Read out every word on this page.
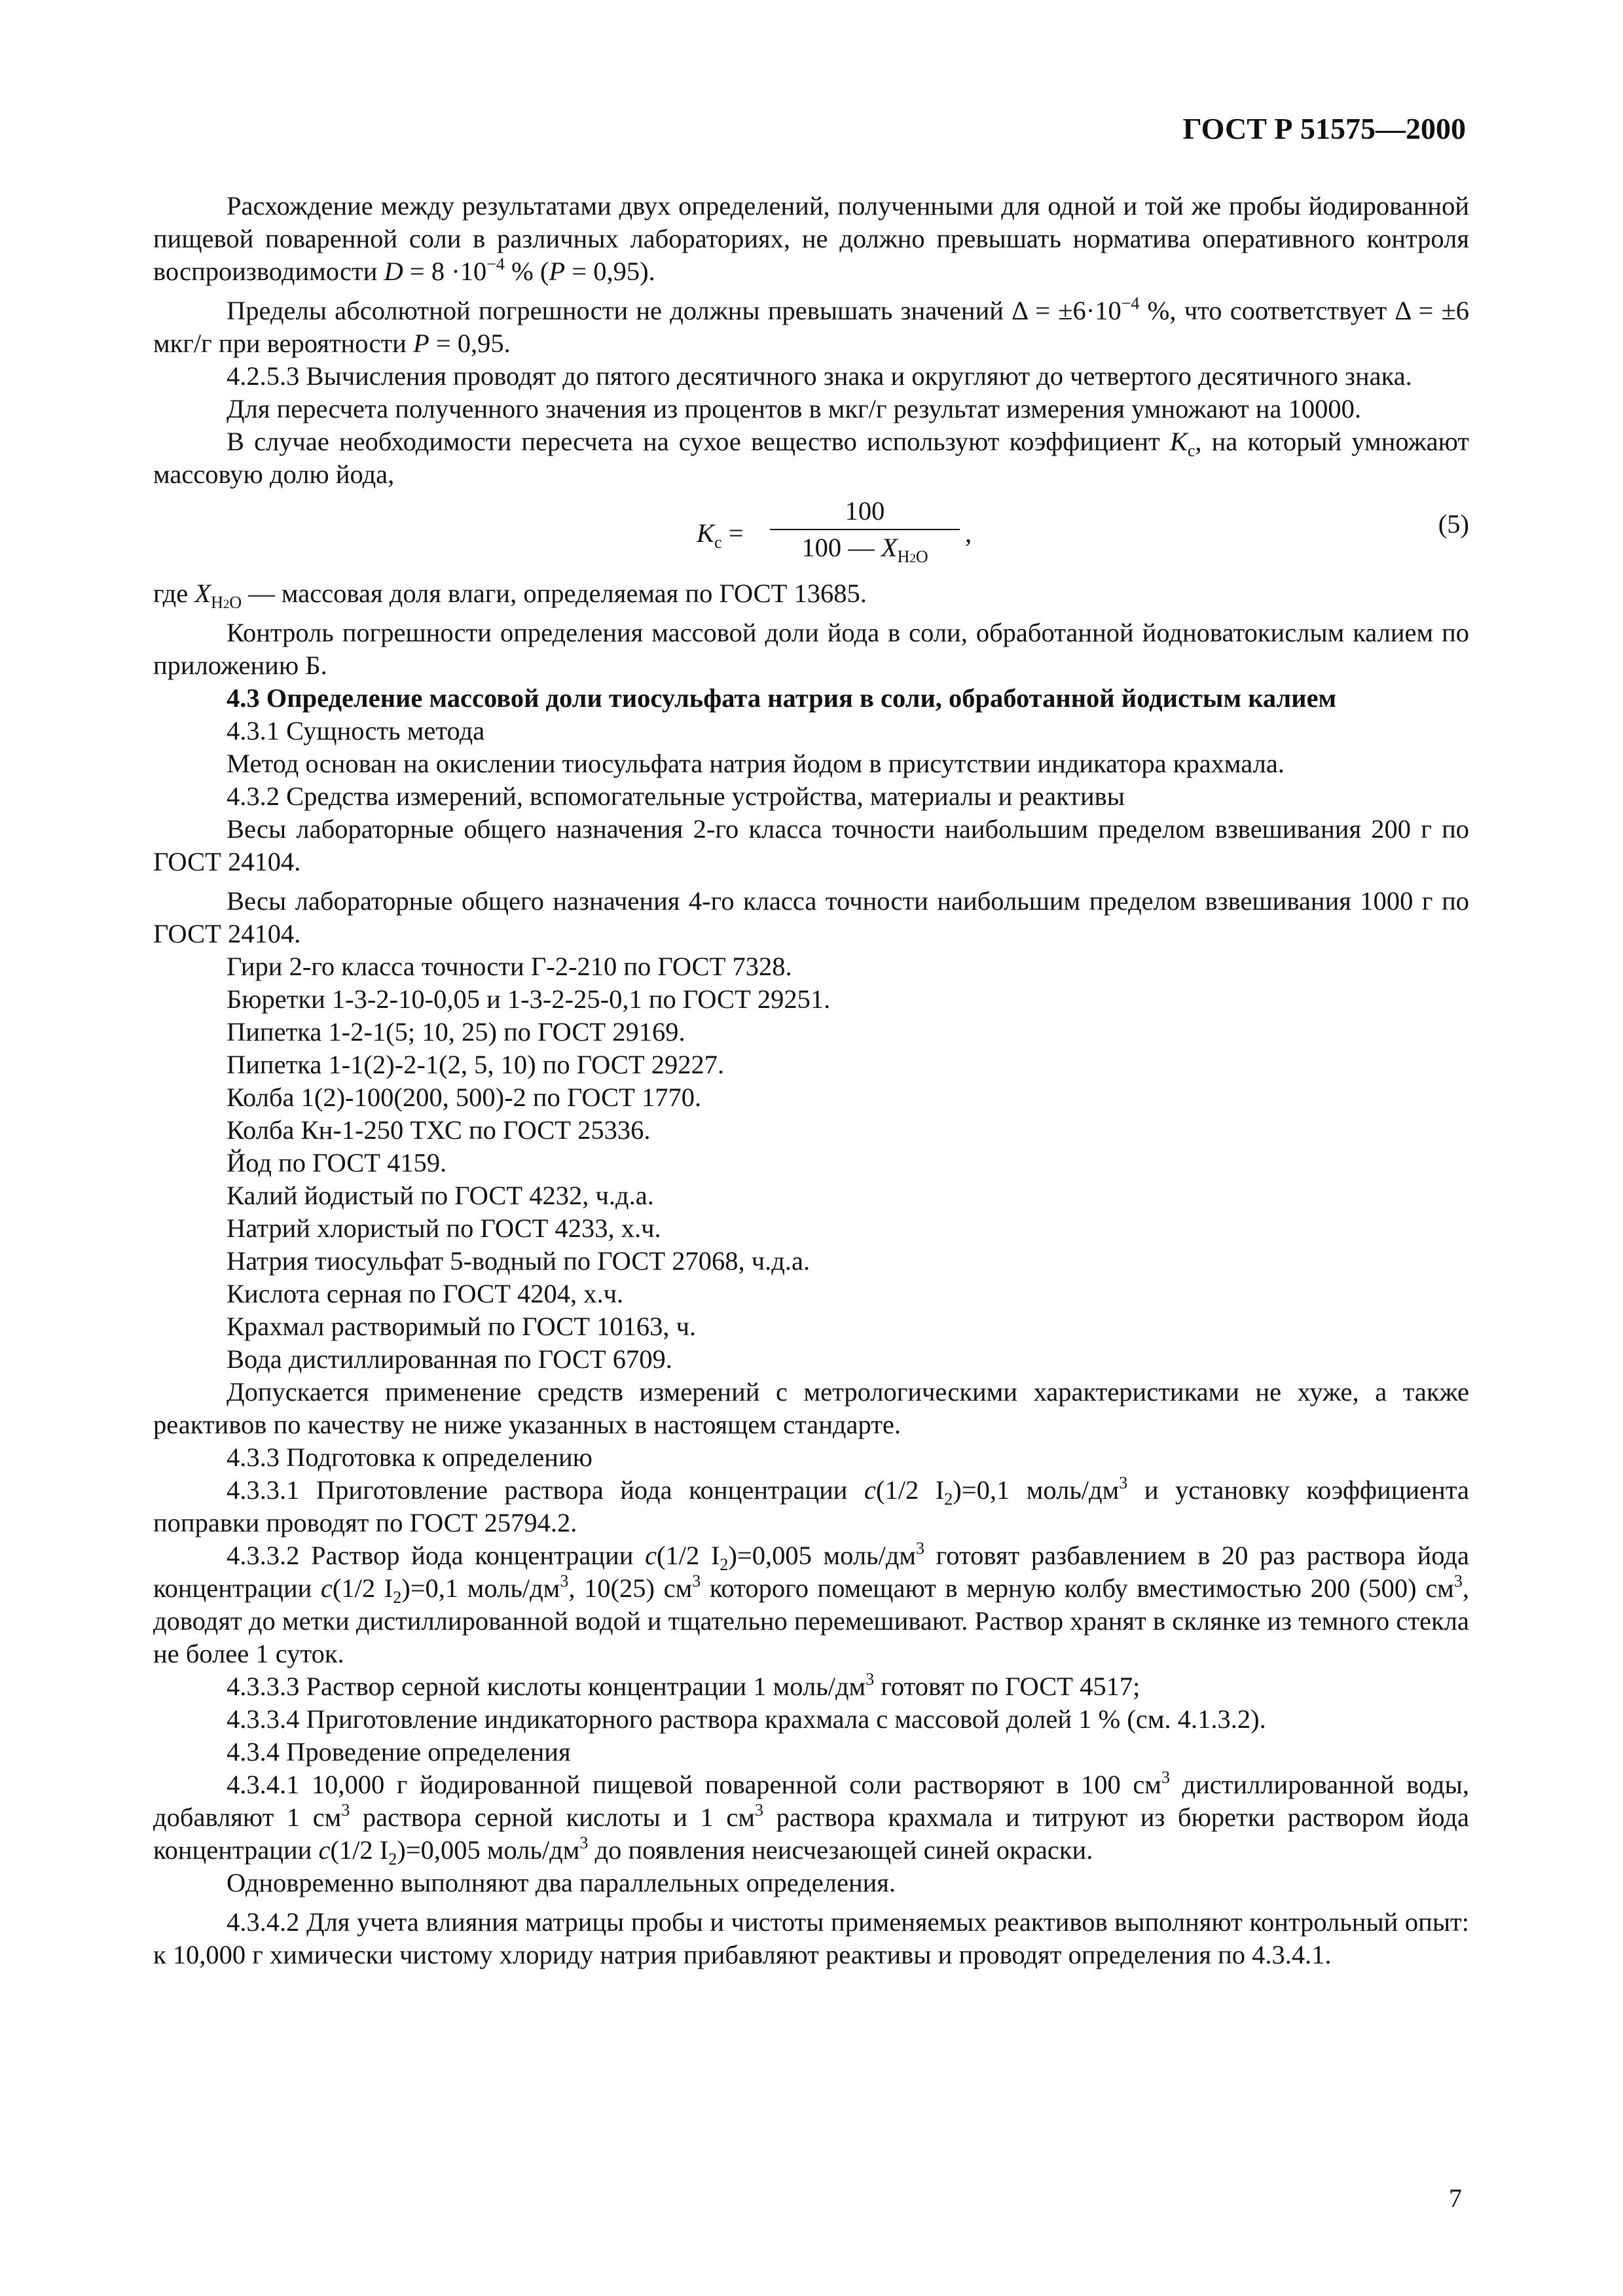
ГОСТ Р 51575—2000

Расхождение между результатами двух определений, полученными для одной и той же пробы йодированной пищевой поваренной соли в различных лабораториях, не должно превышать норматива оперативного контроля воспроизводимости $D = 8 \cdot 10^{-4}$ % (P = 0,95).

Пределы абсолютной погрешности не должны превышать значений $\Delta = \pm 6\cdot 10^{-4}$ %, что соответствует Δ = ±6 мкг/г при вероятности P = 0,95.

4.2.5.3 Вычисления проводят до пятого десятичного знака и округляют до четвертого десятичного знака.

Для пересчета полученного значения из процентов в мкг/г результат измерения умножают на 10000.

В случае необходимости пересчета на сухое вещество используют коэффициент $K_c$, на который умножают массовую долю йода,

$K_c$ =
100
100 — $X_{H2O}$
,	(5)

где $X_{H2O}$ — массовая доля влаги, определяемая по ГОСТ 13685.

Контроль погрешности определения массовой доли йода в соли, обработанной йодноватокислым калием по приложению Б.

4.3 Определение массовой доли тиосульфата натрия в соли, обработанной йодистым калием

4.3.1 Сущность метода

Метод основан на окислении тиосульфата натрия йодом в присутствии индикатора крахмала.

4.3.2 Средства измерений, вспомогательные устройства, материалы и реактивы

Весы лабораторные общего назначения 2-го класса точности наибольшим пределом взвешивания 200 г по ГОСТ 24104.

Весы лабораторные общего назначения 4-го класса точности наибольшим пределом взвешивания 1000 г по ГОСТ 24104.

Гири 2-го класса точности Г-2-210 по ГОСТ 7328.

Бюретки 1-3-2-10-0,05 и 1-3-2-25-0,1 по ГОСТ 29251.

Пипетка 1-2-1(5; 10, 25) по ГОСТ 29169.

Пипетка 1-1(2)-2-1(2, 5, 10) по ГОСТ 29227.

Колба 1(2)-100(200, 500)-2 по ГОСТ 1770.

Колба Кн-1-250 ТХС по ГОСТ 25336.

Йод по ГОСТ 4159.

Калий йодистый по ГОСТ 4232, ч.д.а.

Натрий хлористый по ГОСТ 4233, х.ч.

Натрия тиосульфат 5-водный по ГОСТ 27068, ч.д.а.

Кислота серная по ГОСТ 4204, х.ч.

Крахмал растворимый по ГОСТ 10163, ч.

Вода дистиллированная по ГОСТ 6709.

Допускается применение средств измерений с метрологическими характеристиками не хуже, а также реактивов по качеству не ниже указанных в настоящем стандарте.

4.3.3 Подготовка к определению

4.3.3.1 Приготовление раствора йода концентрации c(1/2 $I_2)=0,1$ моль/$дм^3$ и установку коэффициента поправки проводят по ГОСТ 25794.2.

4.3.3.2 Раствор йода концентрации c(1/2 $I_2)=0,005$ моль/$дм^3$ готовят разбавлением в 20 раз раствора йода концентрации c(1/2 $I_2)=0,1$ моль/$дм^3$, 10(25) $см^3$ которого помещают в мерную колбу вместимостью 200 (500) $см^3$, доводят до метки дистиллированной водой и тщательно перемешивают. Раствор хранят в склянке из темного стекла не более 1 суток.

4.3.3.3 Раствор серной кислоты концентрации 1 моль/$дм^3$ готовят по ГОСТ 4517;

4.3.3.4 Приготовление индикаторного раствора крахмала с массовой долей 1 % (см. 4.1.3.2).

4.3.4 Проведение определения

4.3.4.1 10,000 г йодированной пищевой поваренной соли растворяют в 100 $см^3$ дистиллированной воды, добавляют 1 $см^3$ раствора серной кислоты и 1 $см^3$ раствора крахмала и титруют из бюретки раствором йода концентрации c(1/2 $I_2)=0,005$ моль/$дм^3$ до появления неисчезающей синей окраски.

Одновременно выполняют два параллельных определения.

4.3.4.2 Для учета влияния матрицы пробы и чистоты применяемых реактивов выполняют контрольный опыт: к 10,000 г химически чистому хлориду натрия прибавляют реактивы и проводят определения по 4.3.4.1.

7
